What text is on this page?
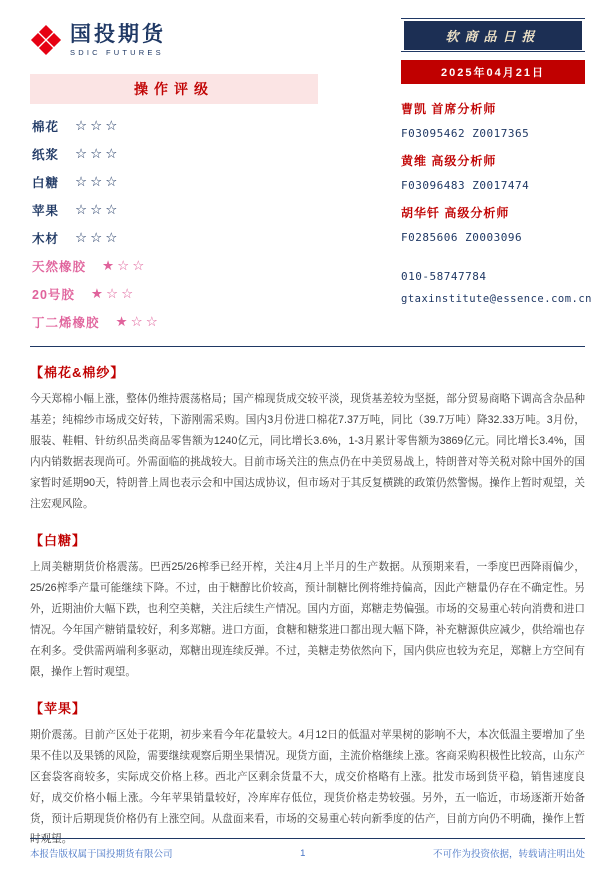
国投期货
SDIC FUTURES
操作评级
棉花 ☆☆☆
纸浆 ☆☆☆
白糖 ☆☆☆
苹果 ☆☆☆
木材 ☆☆☆
天然橡胶 ★☆☆
20号胶 ★☆☆
丁二烯橡胶 ★☆☆
软商品日报
2025年04月21日
曹凯 首席分析师
F03095462 Z0017365
黄维 高级分析师
F03096483 Z0017474
胡华钎 高级分析师
F0285606 Z0003096
010-58747784
gtaxinstitute@essence.com.cn
【棉花&棉纱】

今天郑棉小幅上涨，整体仍维持震荡格局；国产棉现货成交较平淡，现货基差较为坚挺，部分贸易商略下调高含杂品种基差；纯棉纱市场成交好转，下游刚需采购。国内3月份进口棉花7.37万吨，同比（39.7万吨）降32.33万吨。3月份，服装、鞋帽、针纺织品类商品零售额为1240亿元，同比增长3.6%，1-3月累计零售额为3869亿元。同比增长3.4%，国内内销数据表现尚可。外需面临的挑战较大。目前市场关注的焦点仍在中美贸易战上，特朗普对等关税对除中国外的国家暂时延期90天，特朗普上周也表示会和中国达成协议，但市场对于其反复横跳的政策仍然警惕。操作上暂时观望，关注宏观风险。

【白糖】

上周美糖期货价格震荡。巴西25/26榨季已经开榨，关注4月上半月的生产数据。从预期来看，一季度巴西降雨偏少，25/26榨季产量可能继续下降。不过，由于糖醇比价较高，预计制糖比例将维持偏高，因此产糖量仍存在不确定性。另外，近期油价大幅下跌，也利空美糖，关注后续生产情况。国内方面，郑糖走势偏强。市场的交易重心转向消费和进口情况。今年国产糖销量较好，利多郑糖。进口方面，食糖和糖浆进口都出现大幅下降，补充糖源供应减少，供给端也存在利多。受供需两端利多驱动，郑糖出现连续反弹。不过，美糖走势依然向下，国内供应也较为充足，郑糖上方空间有限，操作上暂时观望。

【苹果】

期价震荡。目前产区处于花期，初步来看今年花量较大。4月12日的低温对苹果树的影响不大，本次低温主要增加了坐果不佳以及果锈的风险，需要继续观察后期坐果情况。现货方面，主流价格继续上涨。客商采购积极性比较高，山东产区套袋客商较多，实际成交价格上移。西北产区剩余货量不大，成交价格略有上涨。批发市场到货平稳，销售速度良好，成交价格小幅上涨。今年苹果销量较好，冷库库存低位，现货价格走势较强。另外，五一临近，市场逐渐开始备货，预计后期现货价格仍有上涨空间。从盘面来看，市场的交易重心转向新季度的估产，目前方向仍不明确，操作上暂时观望。

本报告版权属于国投期货有限公司	1	不可作为投资依据，转载请注明出处
